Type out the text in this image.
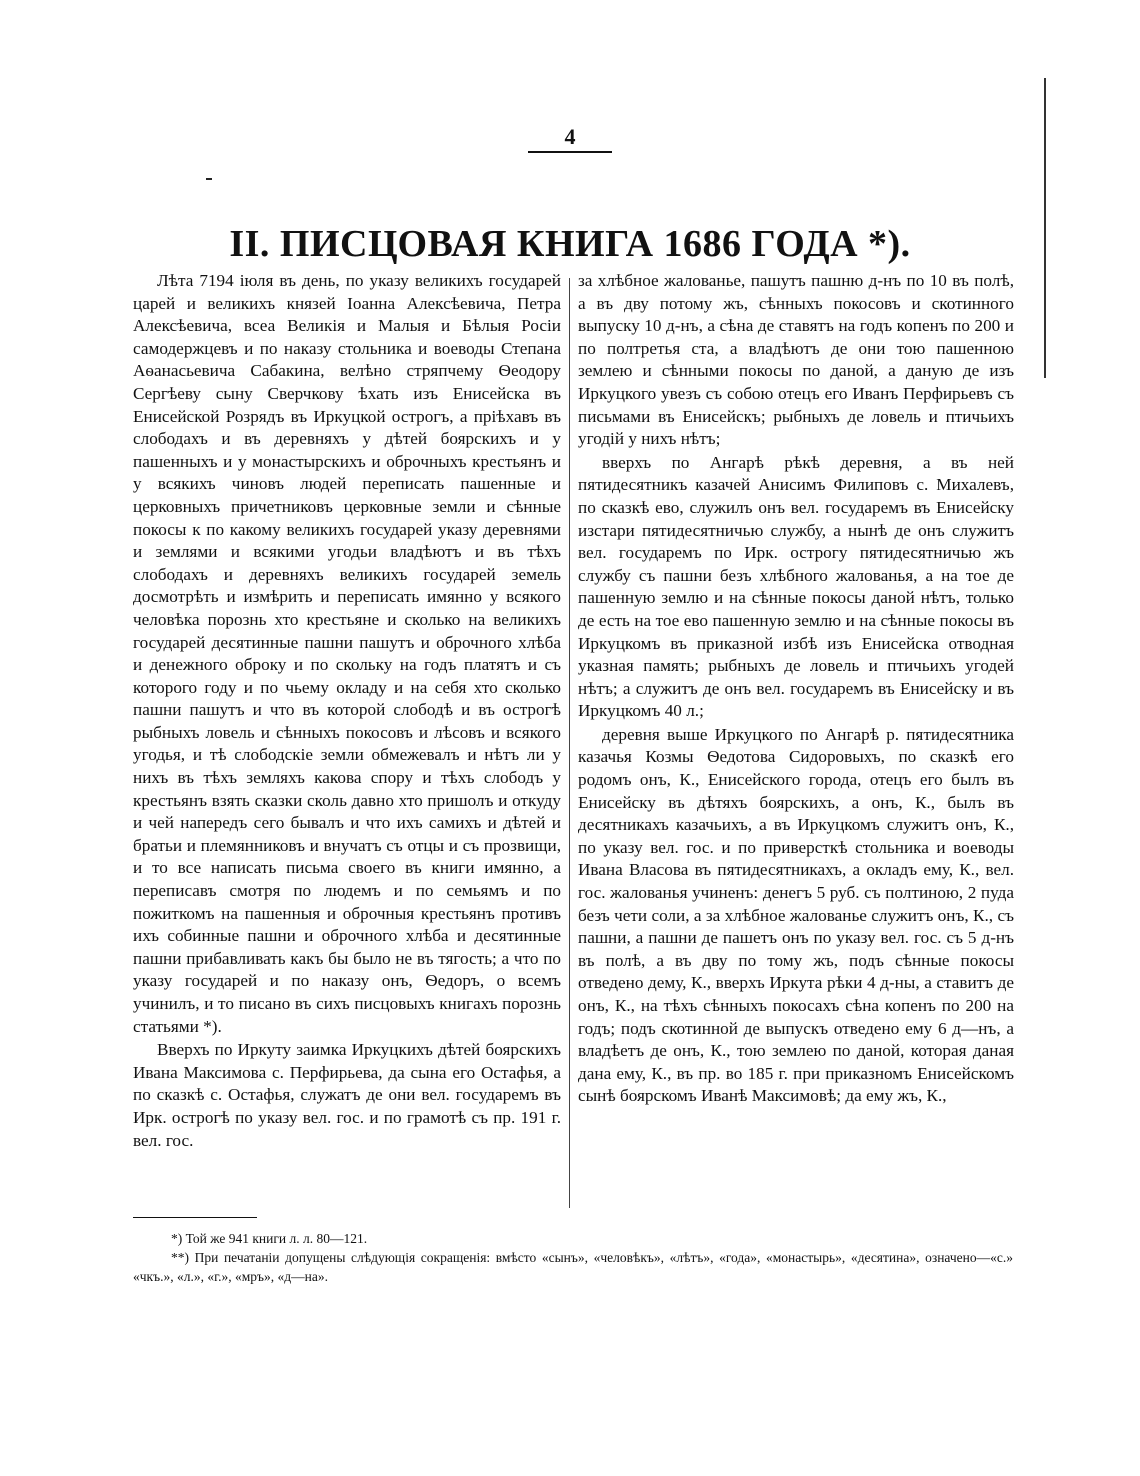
4
II. ПИСЦОВАЯ КНИГА 1686 ГОДА *).

Лѣта 7194 іюля въ день, по указу великихъ государей царей и великихъ князей Іоанна Алексѣевича, Петра Алексѣевича, всеа Великія и Малыя и Бѣлыя Росіи самодержцевъ и по наказу стольника и воеводы Степана Аѳанасьевича Сабакина, велѣно стряпчему Ѳеодору Сергѣеву сыну Сверчкову ѣхать изъ Енисейска въ Енисейской Розрядъ въ Иркуцкой острогъ, а пріѣхавъ въ слободахъ и въ деревняхъ у дѣтей боярскихъ и у пашенныхъ и у монастырскихъ и оброчныхъ крестьянъ и у всякихъ чиновъ людей переписать пашенные и церковныхъ причетниковъ церковные земли и сѣнные покосы к по какому великихъ государей указу деревнями и землями и всякими угодьи владѣютъ и въ тѣхъ слободахъ и деревняхъ великихъ государей земель досмотрѣть и измѣрить и переписать имянно у всякого человѣка порознь хто крестьяне и сколько на великихъ государей десятинные пашни пашутъ и оброчного хлѣба и денежного оброку и по скольку на годъ платятъ и съ которого году и по чьему окладу и на себя хто сколько пашни пашутъ и что въ которой слободѣ и въ острогѣ рыбныхъ ловель и сѣнныхъ покосовъ и лѣсовъ и всякого угодья, и тѣ слободскіе земли обмежевалъ и нѣтъ ли у нихъ въ тѣхъ земляхъ какова спору и тѣхъ слободъ у крестьянъ взять сказки сколь давно хто пришолъ и откуду и чей напередъ сего бывалъ и что ихъ самихъ и дѣтей и братьи и племянниковъ и внучатъ съ отцы и съ прозвищи, и то все написать письма своего въ книги имянно, а переписавъ смотря по людемъ и по семьямъ и по пожиткомъ на пашенныя и оброчныя крестьянъ противъ ихъ собинные пашни и оброчного хлѣба и десятинные пашни прибавливать какъ бы было не въ тягость; а что по указу государей и по наказу онъ, Ѳедоръ, о всемъ учинилъ, и то писано въ сихъ писцовыхъ книгахъ порознь статьями *).

Вверхъ по Иркуту заимка Иркуцкихъ дѣтей боярскихъ Ивана Максимова с. Перфирьева, да сына его Остафья, а по сказкѣ с. Остафья, служатъ де они вел. государемъ въ Ирк. острогѣ по указу вел. гос. и по грамотѣ съ пр. 191 г. вел. гос.

за хлѣбное жалованье, пашутъ пашню д-нъ по 10 въ полѣ, а въ дву потому жъ, сѣнныхъ покосовъ и скотинного выпуску 10 д-нъ, а сѣна де ставятъ на годъ копенъ по 200 и по полтретья ста, а владѣютъ де они тою пашенною землею и сѣнными покосы по даной, а даную де изъ Иркуцкого увезъ съ собою отецъ его Иванъ Перфирьевъ съ письмами въ Енисейскъ; рыбныхъ де ловель и птичьихъ угодій у нихъ нѣтъ;

вверхъ по Ангарѣ рѣкѣ деревня, а въ ней пятидесятникъ казачей Анисимъ Филиповъ с. Михалевъ, по сказкѣ ево, служилъ онъ вел. государемъ въ Енисейску изстари пятидесятничью службу, а нынѣ де онъ служитъ вел. государемъ по Ирк. острогу пятидесятничью жъ службу съ пашни безъ хлѣбного жалованья, а на тое де пашенную землю и на сѣнные покосы даной нѣтъ, только де есть на тое ево пашенную землю и на сѣнные покосы въ Иркуцкомъ въ приказной избѣ изъ Енисейска отводная указная память; рыбныхъ де ловель и птичьихъ угодей нѣтъ; а служитъ де онъ вел. государемъ въ Енисейску и въ Иркуцкомъ 40 л.;

деревня выше Иркуцкого по Ангарѣ р. пятидесятника казачья Козмы Ѳедотова Сидоровыхъ, по сказкѣ его родомъ онъ, К., Енисейского города, отецъ его былъ въ Енисейску въ дѣтяхъ боярскихъ, а онъ, К., былъ въ десятникахъ казачьихъ, а въ Иркуцкомъ служитъ онъ, К., по указу вел. гос. и по приверсткѣ стольника и воеводы Ивана Власова въ пятидесятникахъ, а окладъ ему, К., вел. гос. жалованья учиненъ: денегъ 5 руб. съ полтиною, 2 пуда безъ чети соли, а за хлѣбное жалованье служитъ онъ, К., съ пашни, а пашни де пашетъ онъ по указу вел. гос. съ 5 д-нъ въ полѣ, а въ дву по тому жъ, подъ сѣнные покосы отведено дему, К., вверхъ Иркута рѣки 4 д-ны, а ставитъ де онъ, К., на тѣхъ сѣнныхъ покосахъ сѣна копенъ по 200 на годъ; подъ скотинной де выпускъ отведено ему 6 д—нъ, а владѣетъ де онъ, К., тою землею по даной, которая даная дана ему, К., въ пр. во 185 г. при приказномъ Енисейскомъ сынѣ боярскомъ Иванѣ Максимовѣ; да ему жъ, К.,

*) Той же 941 книги л. л. 80—121.

**) При печатаніи допущены слѣдующія сокращенія: вмѣсто «сынъ», «человѣкъ», «лѣтъ», «года», «монастырь», «десятина», означено—«с.» «чкъ.», «л.», «г.», «мръ», «д—на».
